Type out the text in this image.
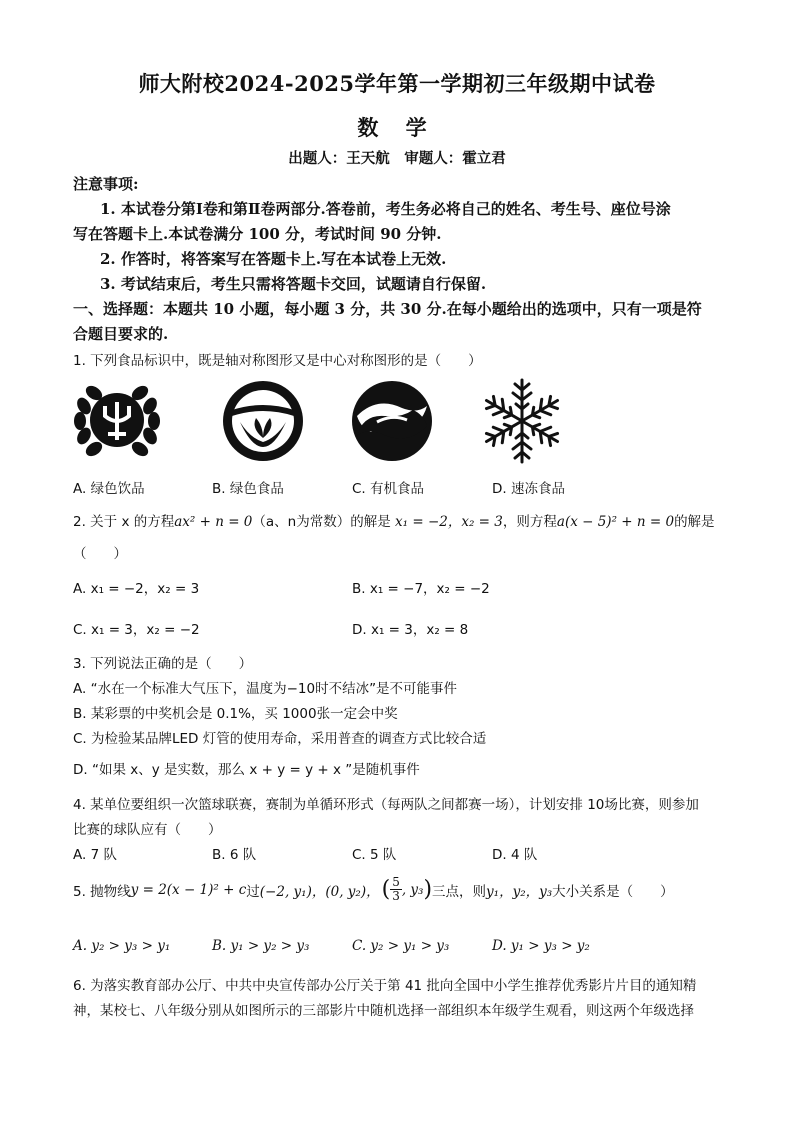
师大附校2024-2025学年第一学期初三年级期中试卷
数 学
出题人：王天航　审题人：霍立君
注意事项:
1. 本试卷分第Ⅰ卷和第Ⅱ卷两部分.答卷前，考生务必将自己的姓名、考生号、座位号涂
写在答题卡上.本试卷满分 100 分，考试时间 90 分钟.
2. 作答时，将答案写在答题卡上.写在本试卷上无效.
3. 考试结束后，考生只需将答题卡交回，试题请自行保留.
一、选择题：本题共 10 小题，每小题 3 分，共 30 分.在每小题给出的选项中，只有一项是符
合题目要求的.
1. 下列食品标识中，既是轴对称图形又是中心对称图形的是（　　）
A. 绿色饮品	B. 绿色食品	C. 有机食品	D. 速冻食品
2. 关于 x 的方程ax² + n = 0（a、n为常数）的解是 x₁ = −2，x₂ = 3，则方程a(x − 5)² + n = 0的解是
（　　）
A. x₁ = −2，x₂ = 3	B. x₁ = −7，x₂ = −2
C. x₁ = 3，x₂ = −2	D. x₁ = 3，x₂ = 8
3. 下列说法正确的是（　　）
A. “水在一个标准大气压下，温度为−10时不结冰”是不可能事件
B. 某彩票的中奖机会是 0.1%，买 1000张一定会中奖
C. 为检验某品牌LED 灯管的使用寿命，采用普查的调查方式比较合适
D. “如果 x、y 是实数，那么 x + y = y + x ”是随机事件
4. 某单位要组织一次篮球联赛，赛制为单循环形式（每两队之间都赛一场），计划安排 10场比赛，则参加
比赛的球队应有（　　）
A. 7 队	B. 6 队	C. 5 队	D. 4 队
5. 抛物线 y = 2(x − 1)² + c 过 (−2, y₁)，(0, y₂)， ( $\frac{5}{3}$ , y₃ ) 三点，则 y₁，y₂，y₃ 大小关系是（　　）
A. y₂ > y₃ > y₁	B. y₁ > y₂ > y₃	C. y₂ > y₁ > y₃	D. y₁ > y₃ > y₂
6. 为落实教育部办公厅、中共中央宣传部办公厅关于第 41 批向全国中小学生推荐优秀影片片目的通知精
神，某校七、八年级分别从如图所示的三部影片中随机选择一部组织本年级学生观看，则这两个年级选择
